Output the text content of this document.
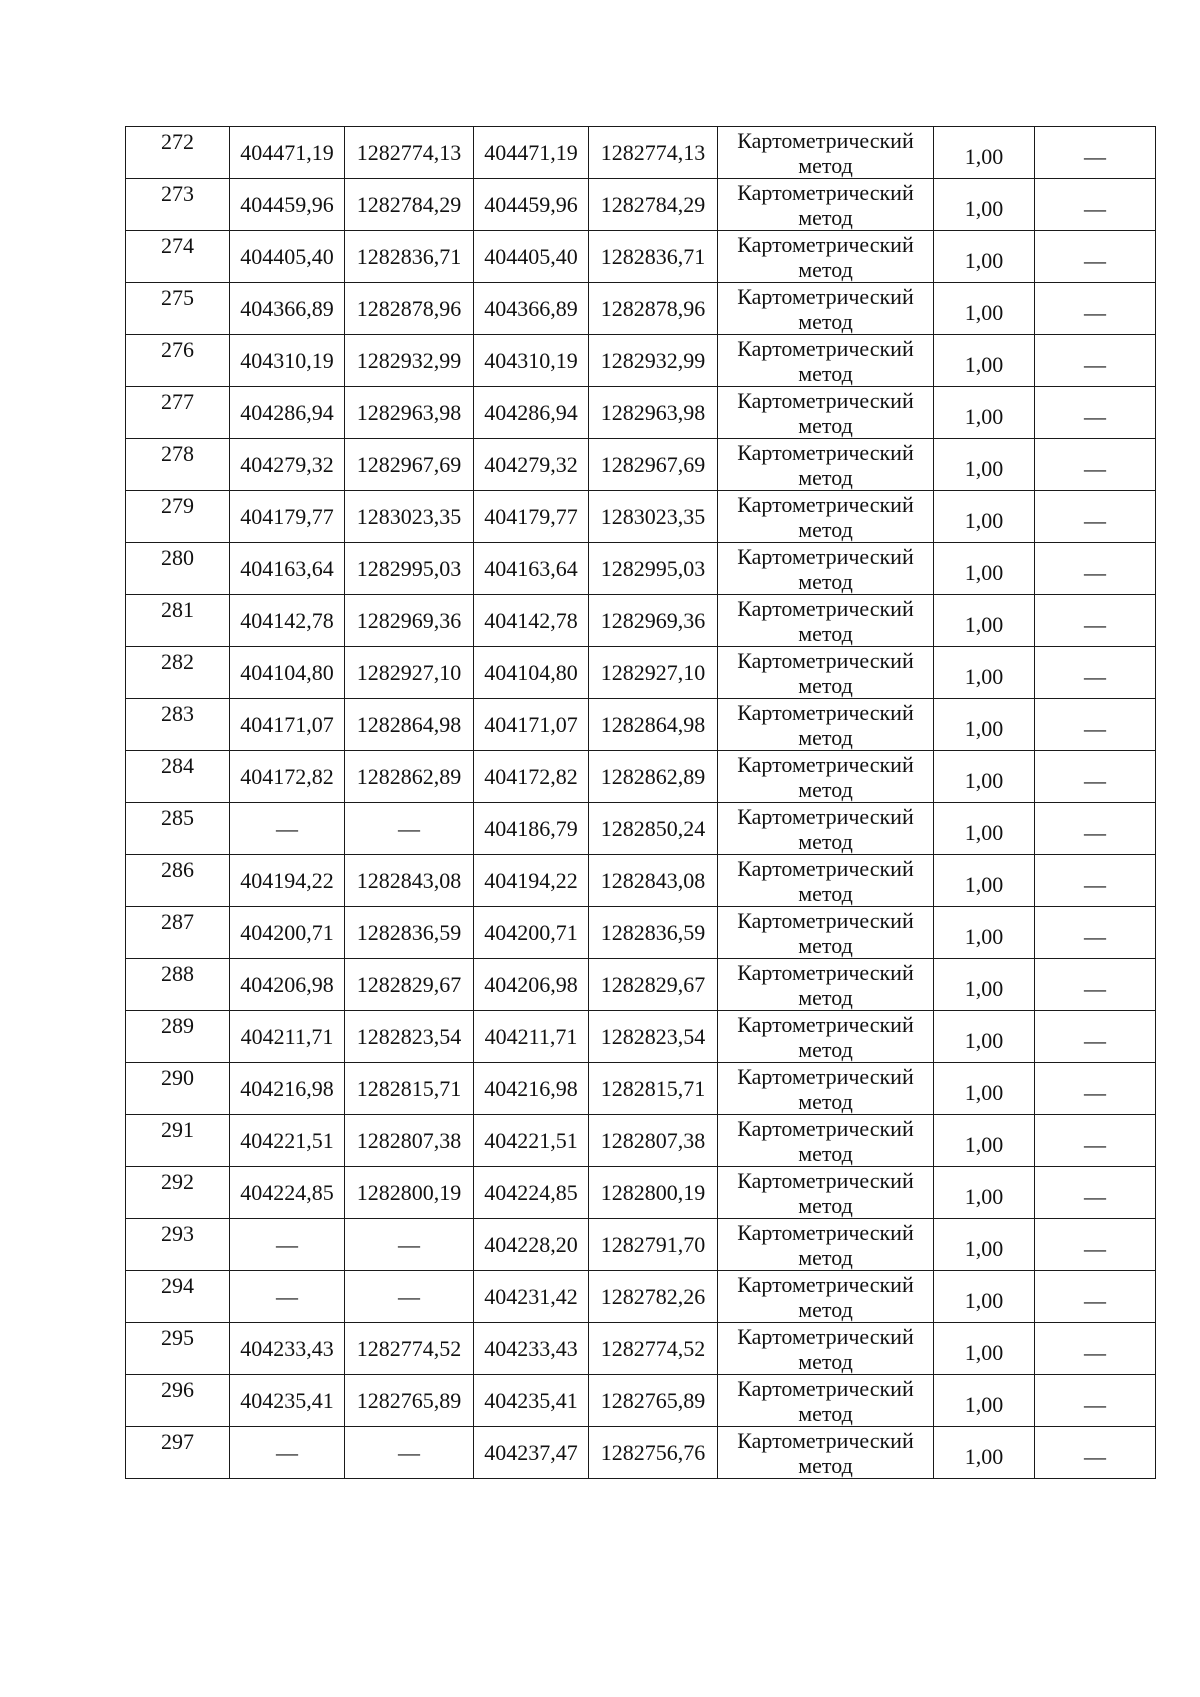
272	404471,19	1282774,13	404471,19	1282774,13	Картометрический
метод	1,00	—
273	404459,96	1282784,29	404459,96	1282784,29	Картометрический
метод	1,00	—
274	404405,40	1282836,71	404405,40	1282836,71	Картометрический
метод	1,00	—
275	404366,89	1282878,96	404366,89	1282878,96	Картометрический
метод	1,00	—
276	404310,19	1282932,99	404310,19	1282932,99	Картометрический
метод	1,00	—
277	404286,94	1282963,98	404286,94	1282963,98	Картометрический
метод	1,00	—
278	404279,32	1282967,69	404279,32	1282967,69	Картометрический
метод	1,00	—
279	404179,77	1283023,35	404179,77	1283023,35	Картометрический
метод	1,00	—
280	404163,64	1282995,03	404163,64	1282995,03	Картометрический
метод	1,00	—
281	404142,78	1282969,36	404142,78	1282969,36	Картометрический
метод	1,00	—
282	404104,80	1282927,10	404104,80	1282927,10	Картометрический
метод	1,00	—
283	404171,07	1282864,98	404171,07	1282864,98	Картометрический
метод	1,00	—
284	404172,82	1282862,89	404172,82	1282862,89	Картометрический
метод	1,00	—
285	—	—	404186,79	1282850,24	Картометрический
метод	1,00	—
286	404194,22	1282843,08	404194,22	1282843,08	Картометрический
метод	1,00	—
287	404200,71	1282836,59	404200,71	1282836,59	Картометрический
метод	1,00	—
288	404206,98	1282829,67	404206,98	1282829,67	Картометрический
метод	1,00	—
289	404211,71	1282823,54	404211,71	1282823,54	Картометрический
метод	1,00	—
290	404216,98	1282815,71	404216,98	1282815,71	Картометрический
метод	1,00	—
291	404221,51	1282807,38	404221,51	1282807,38	Картометрический
метод	1,00	—
292	404224,85	1282800,19	404224,85	1282800,19	Картометрический
метод	1,00	—
293	—	—	404228,20	1282791,70	Картометрический
метод	1,00	—
294	—	—	404231,42	1282782,26	Картометрический
метод	1,00	—
295	404233,43	1282774,52	404233,43	1282774,52	Картометрический
метод	1,00	—
296	404235,41	1282765,89	404235,41	1282765,89	Картометрический
метод	1,00	—
297	—	—	404237,47	1282756,76	Картометрический
метод	1,00	—
